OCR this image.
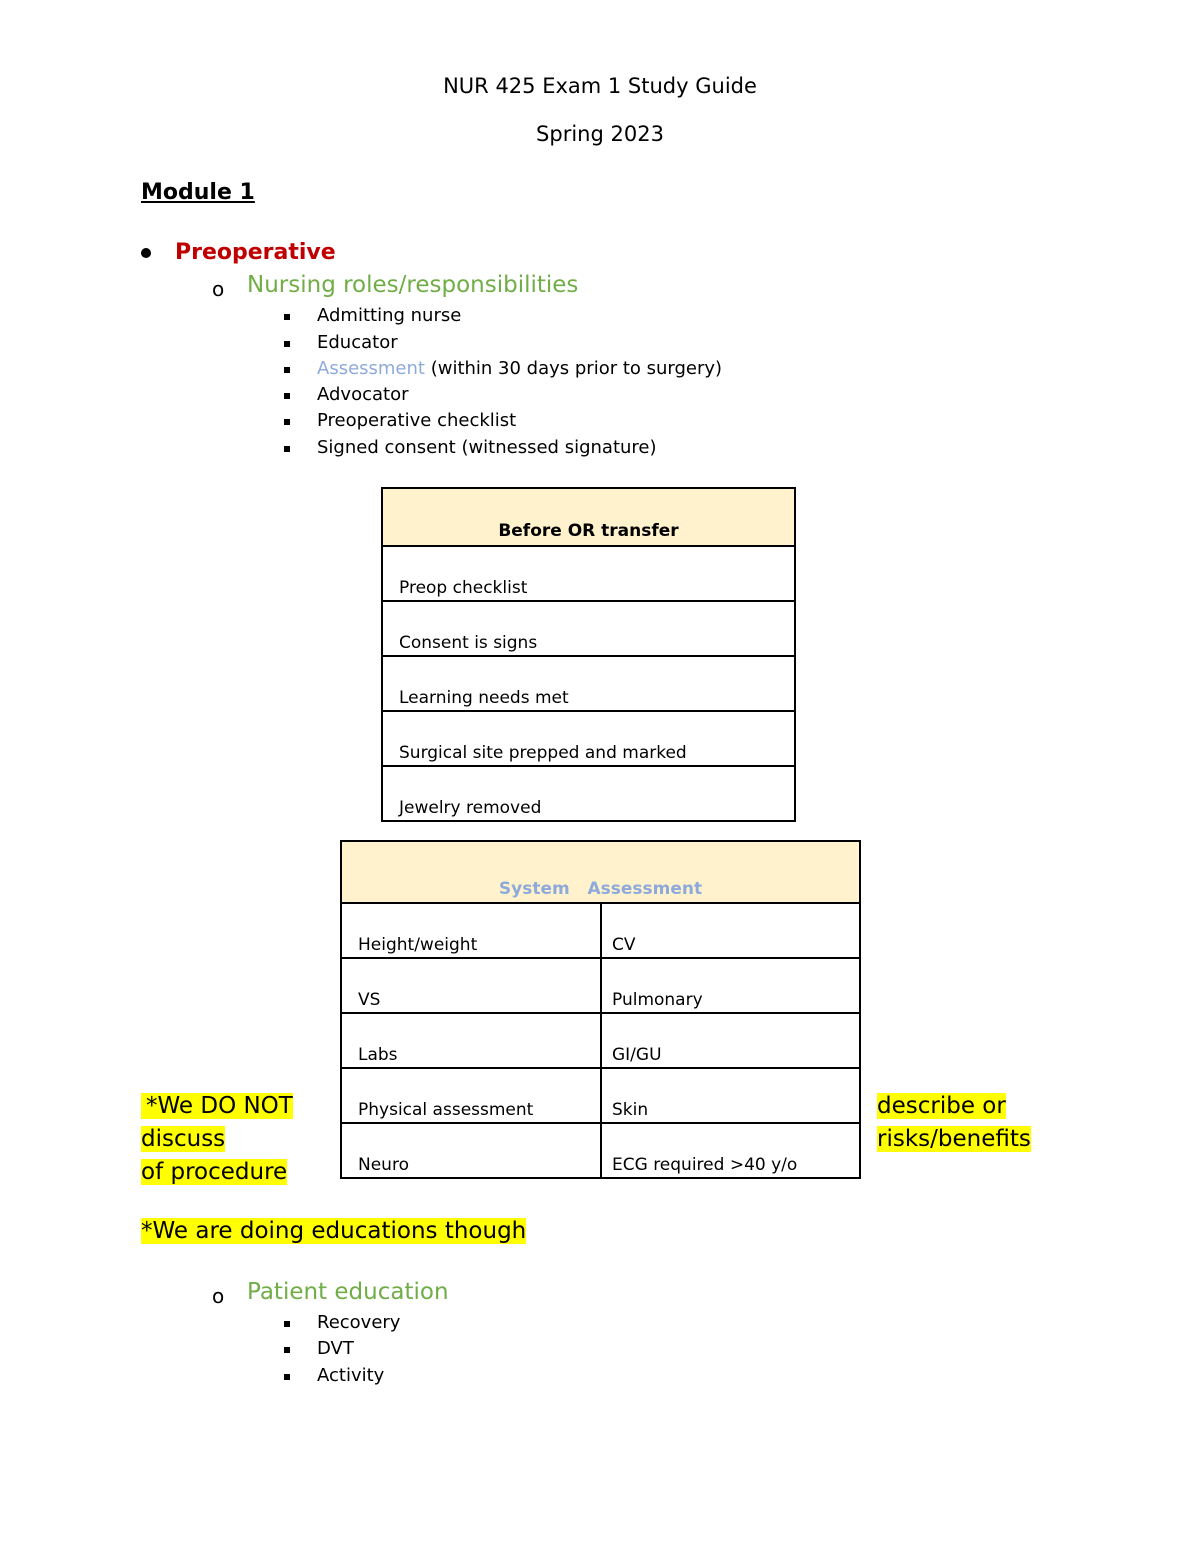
NUR 425 Exam 1 Study Guide
Spring 2023
Module 1
Preoperative
o Nursing roles/responsibilities
Admitting nurse
Educator
Assessment (within 30 days prior to surgery)
Advocator
Preoperative checklist
Signed consent (witnessed signature)
Before OR transfer
Preop checklist
Consent is signs
Learning needs met
Surgical site prepped and marked
Jewelry removed
System Assessment	
Height/weight	CV
VS	Pulmonary
Labs	GI/GU
Physical assessment	Skin
Neuro	ECG required >40 y/o
*We DO NOT
discuss
of procedure
describe or
risks/benefits
*We are doing educations though
o Patient education
Recovery
DVT
Activity
